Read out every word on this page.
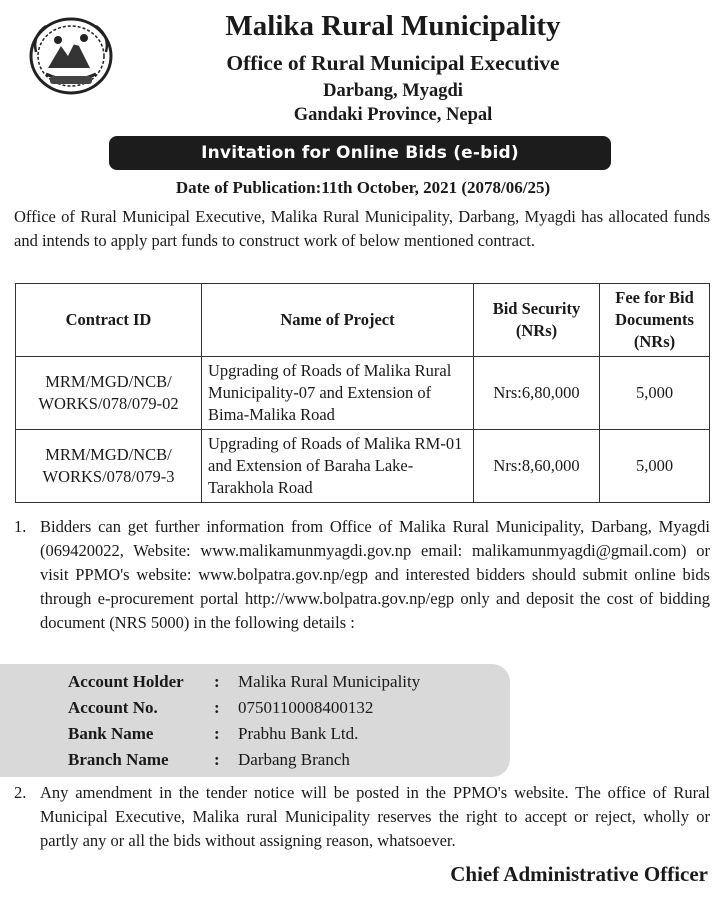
Malika Rural Municipality
Office of Rural Municipal Executive
Darbang, Myagdi
Gandaki Province, Nepal
Invitation for Online Bids (e-bid)
Date of Publication:11th October, 2021 (2078/06/25)
Office of Rural Municipal Executive, Malika Rural Municipality, Darbang, Myagdi has allocated funds and intends to apply part funds to construct work of below mentioned contract.
Contract ID	Name of Project	Bid Security (NRs)	Fee for Bid Documents (NRs)
MRM/MGD/NCB/ WORKS/078/079-02	Upgrading of Roads of Malika Rural Municipality-07 and Extension of Bima-Malika Road	Nrs:6,80,000	5,000
MRM/MGD/NCB/ WORKS/078/079-3	Upgrading of Roads of Malika RM-01 and Extension of Baraha Lake-Tarakhola Road	Nrs:8,60,000	5,000
1. Bidders can get further information from Office of Malika Rural Municipality, Darbang, Myagdi (069420022, Website: www.malikamunmyagdi.gov.np email: malikamunmyagdi@gmail.com) or visit PPMO's website: www.bolpatra.gov.np/egp and interested bidders should submit online bids through e-procurement portal http://www.bolpatra.gov.np/egp only and deposit the cost of bidding document (NRS 5000) in the following details :
Account Holder	:	Malika Rural Municipality
Account No.	:	0750110008400132
Bank Name	:	Prabhu Bank Ltd.
Branch Name	:	Darbang Branch
2. Any amendment in the tender notice will be posted in the PPMO's website. The office of Rural Municipal Executive, Malika rural Municipality reserves the right to accept or reject, wholly or partly any or all the bids without assigning reason, whatsoever.
Chief Administrative Officer
